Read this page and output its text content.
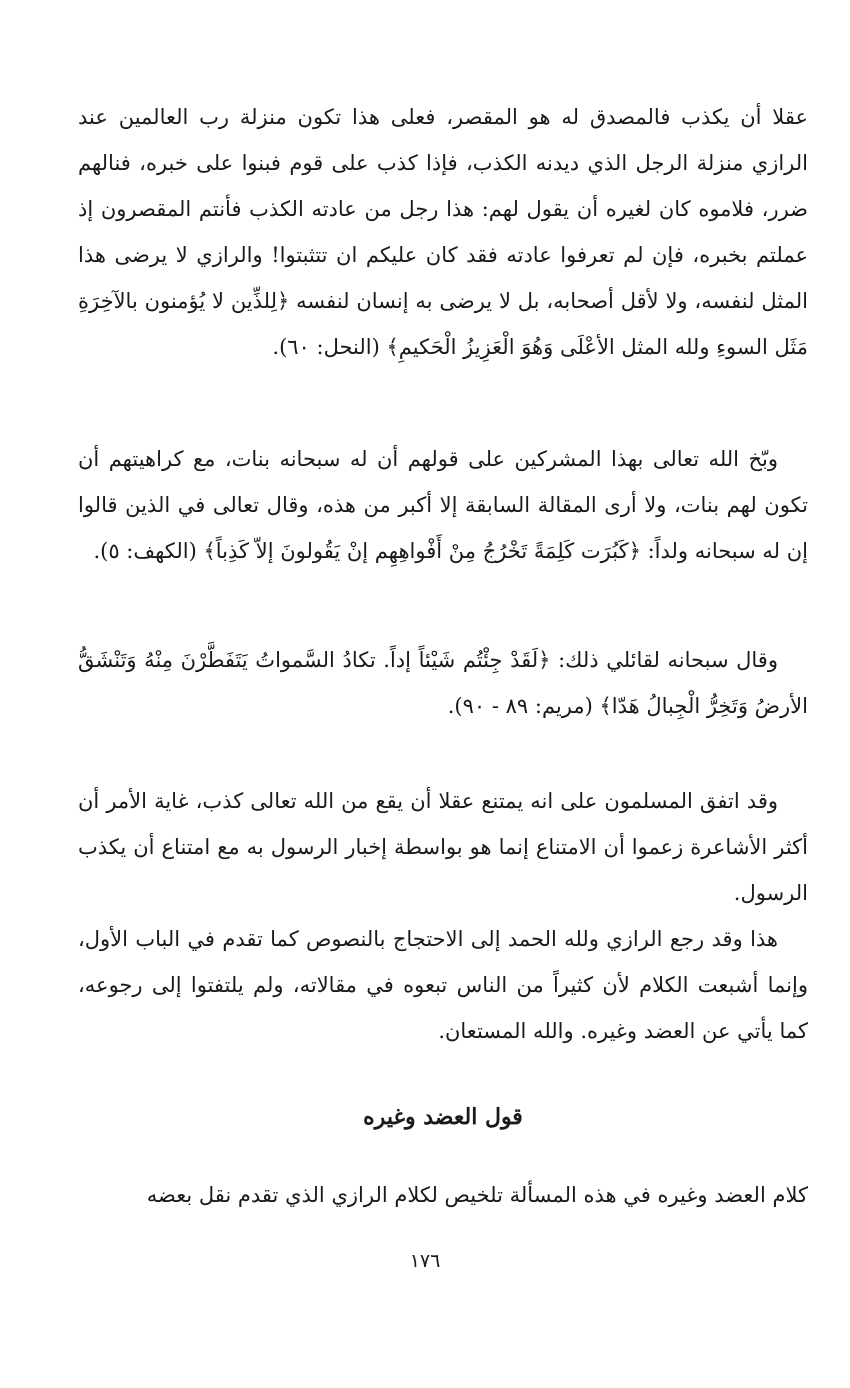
عقلا أن يكذب فالمصدق له هو المقصر، فعلى هذا تكون منزلة رب العالمين عند الرازي منزلة الرجل الذي ديدنه الكذب، فإذا كذب على قوم فبنوا على خبره، فنالهم ضرر، فلاموه كان لغيره أن يقول لهم: هذا رجل من عادته الكذب فأنتم المقصرون إذ عملتم بخبره، فإن لم تعرفوا عادته فقد كان عليكم ان تتثبتوا! والرازي لا يرضى هذا المثل لنفسه، ولا لأقل أصحابه، بل لا يرضى به إنسان لنفسه ﴿لِلذِّين لا يُؤمنون بالآخِرَةِ مَثَل السوءِ ولله المثل الأعْلَى وَهُوَ الْعَزِيزُ الْحَكيمِ﴾ (النحل: ٦٠).

وبّخ الله تعالى بهذا المشركين على قولهم أن له سبحانه بنات، مع كراهيتهم أن تكون لهم بنات، ولا أرى المقالة السابقة إلا أكبر من هذه، وقال تعالى في الذين قالوا إن له سبحانه ولداً: ﴿كَبُرَت كَلِمَةً تَخْرُجُ مِنْ أَفْواهِهِم إنْ يَقُولونَ إلاّ كَذِباً﴾ (الكهف: ٥).

وقال سبحانه لقائلي ذلك: ﴿لَقَدْ جِئْتُم شَيْئاً إداً. تكادُ السَّمواتُ يَتَفَطَّرْنَ مِنْهُ وَتَنْشَقُّ الأرضُ وَتَخِرُّ الْجِبالُ هَدّا﴾ (مريم: ٨٩ - ٩٠).

وقد اتفق المسلمون على انه يمتنع عقلا أن يقع من الله تعالى كذب، غاية الأمر أن أكثر الأشاعرة زعموا أن الامتناع إنما هو بواسطة إخبار الرسول به مع امتناع أن يكذب الرسول.

هذا وقد رجع الرازي ولله الحمد إلى الاحتجاج بالنصوص كما تقدم في الباب الأول، وإنما أشبعت الكلام لأن كثيراً من الناس تبعوه في مقالاته، ولم يلتفتوا إلى رجوعه، كما يأتي عن العضد وغيره. والله المستعان.

قول العضد وغيره

كلام العضد وغيره في هذه المسألة تلخيص لكلام الرازي الذي تقدم نقل بعضه

١٧٦
